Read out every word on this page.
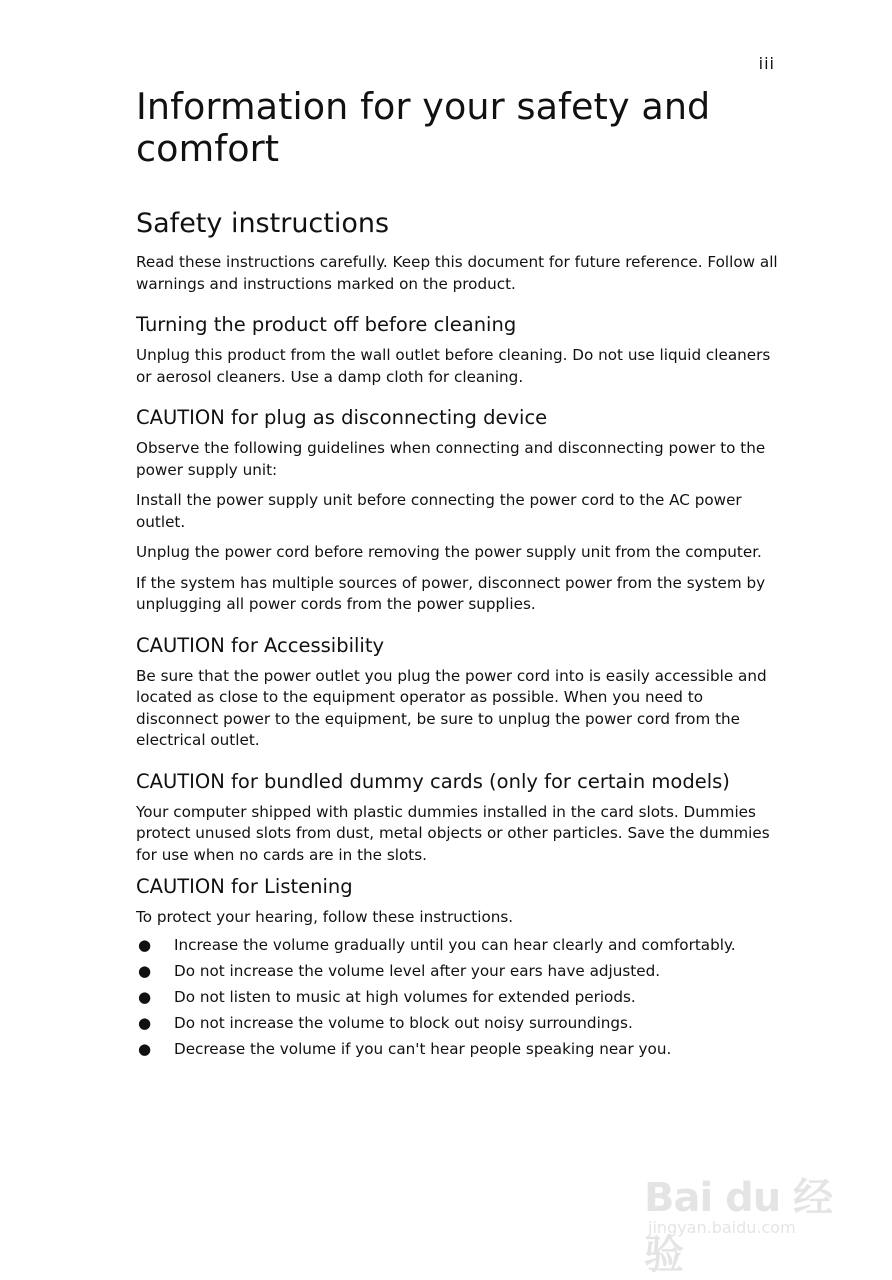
iii
Information for your safety and comfort
Safety instructions

Read these instructions carefully. Keep this document for future reference. Follow all warnings and instructions marked on the product.

Turning the product off before cleaning

Unplug this product from the wall outlet before cleaning. Do not use liquid cleaners or aerosol cleaners. Use a damp cloth for cleaning.

CAUTION for plug as disconnecting device

Observe the following guidelines when connecting and disconnecting power to the power supply unit:

Install the power supply unit before connecting the power cord to the AC power outlet.

Unplug the power cord before removing the power supply unit from the computer.

If the system has multiple sources of power, disconnect power from the system by unplugging all power cords from the power supplies.

CAUTION for Accessibility

Be sure that the power outlet you plug the power cord into is easily accessible and located as close to the equipment operator as possible. When you need to disconnect power to the equipment, be sure to unplug the power cord from the electrical outlet.

CAUTION for bundled dummy cards (only for certain models)

Your computer shipped with plastic dummies installed in the card slots. Dummies protect unused slots from dust, metal objects or other particles. Save the dummies for use when no cards are in the slots.

CAUTION for Listening

To protect your hearing, follow these instructions.

● Increase the volume gradually until you can hear clearly and comfortably.
● Do not increase the volume level after your ears have adjusted.
● Do not listen to music at high volumes for extended periods.
● Do not increase the volume to block out noisy surroundings.
● Decrease the volume if you can't hear people speaking near you.
Bai du 经验
jingyan.baidu.com
